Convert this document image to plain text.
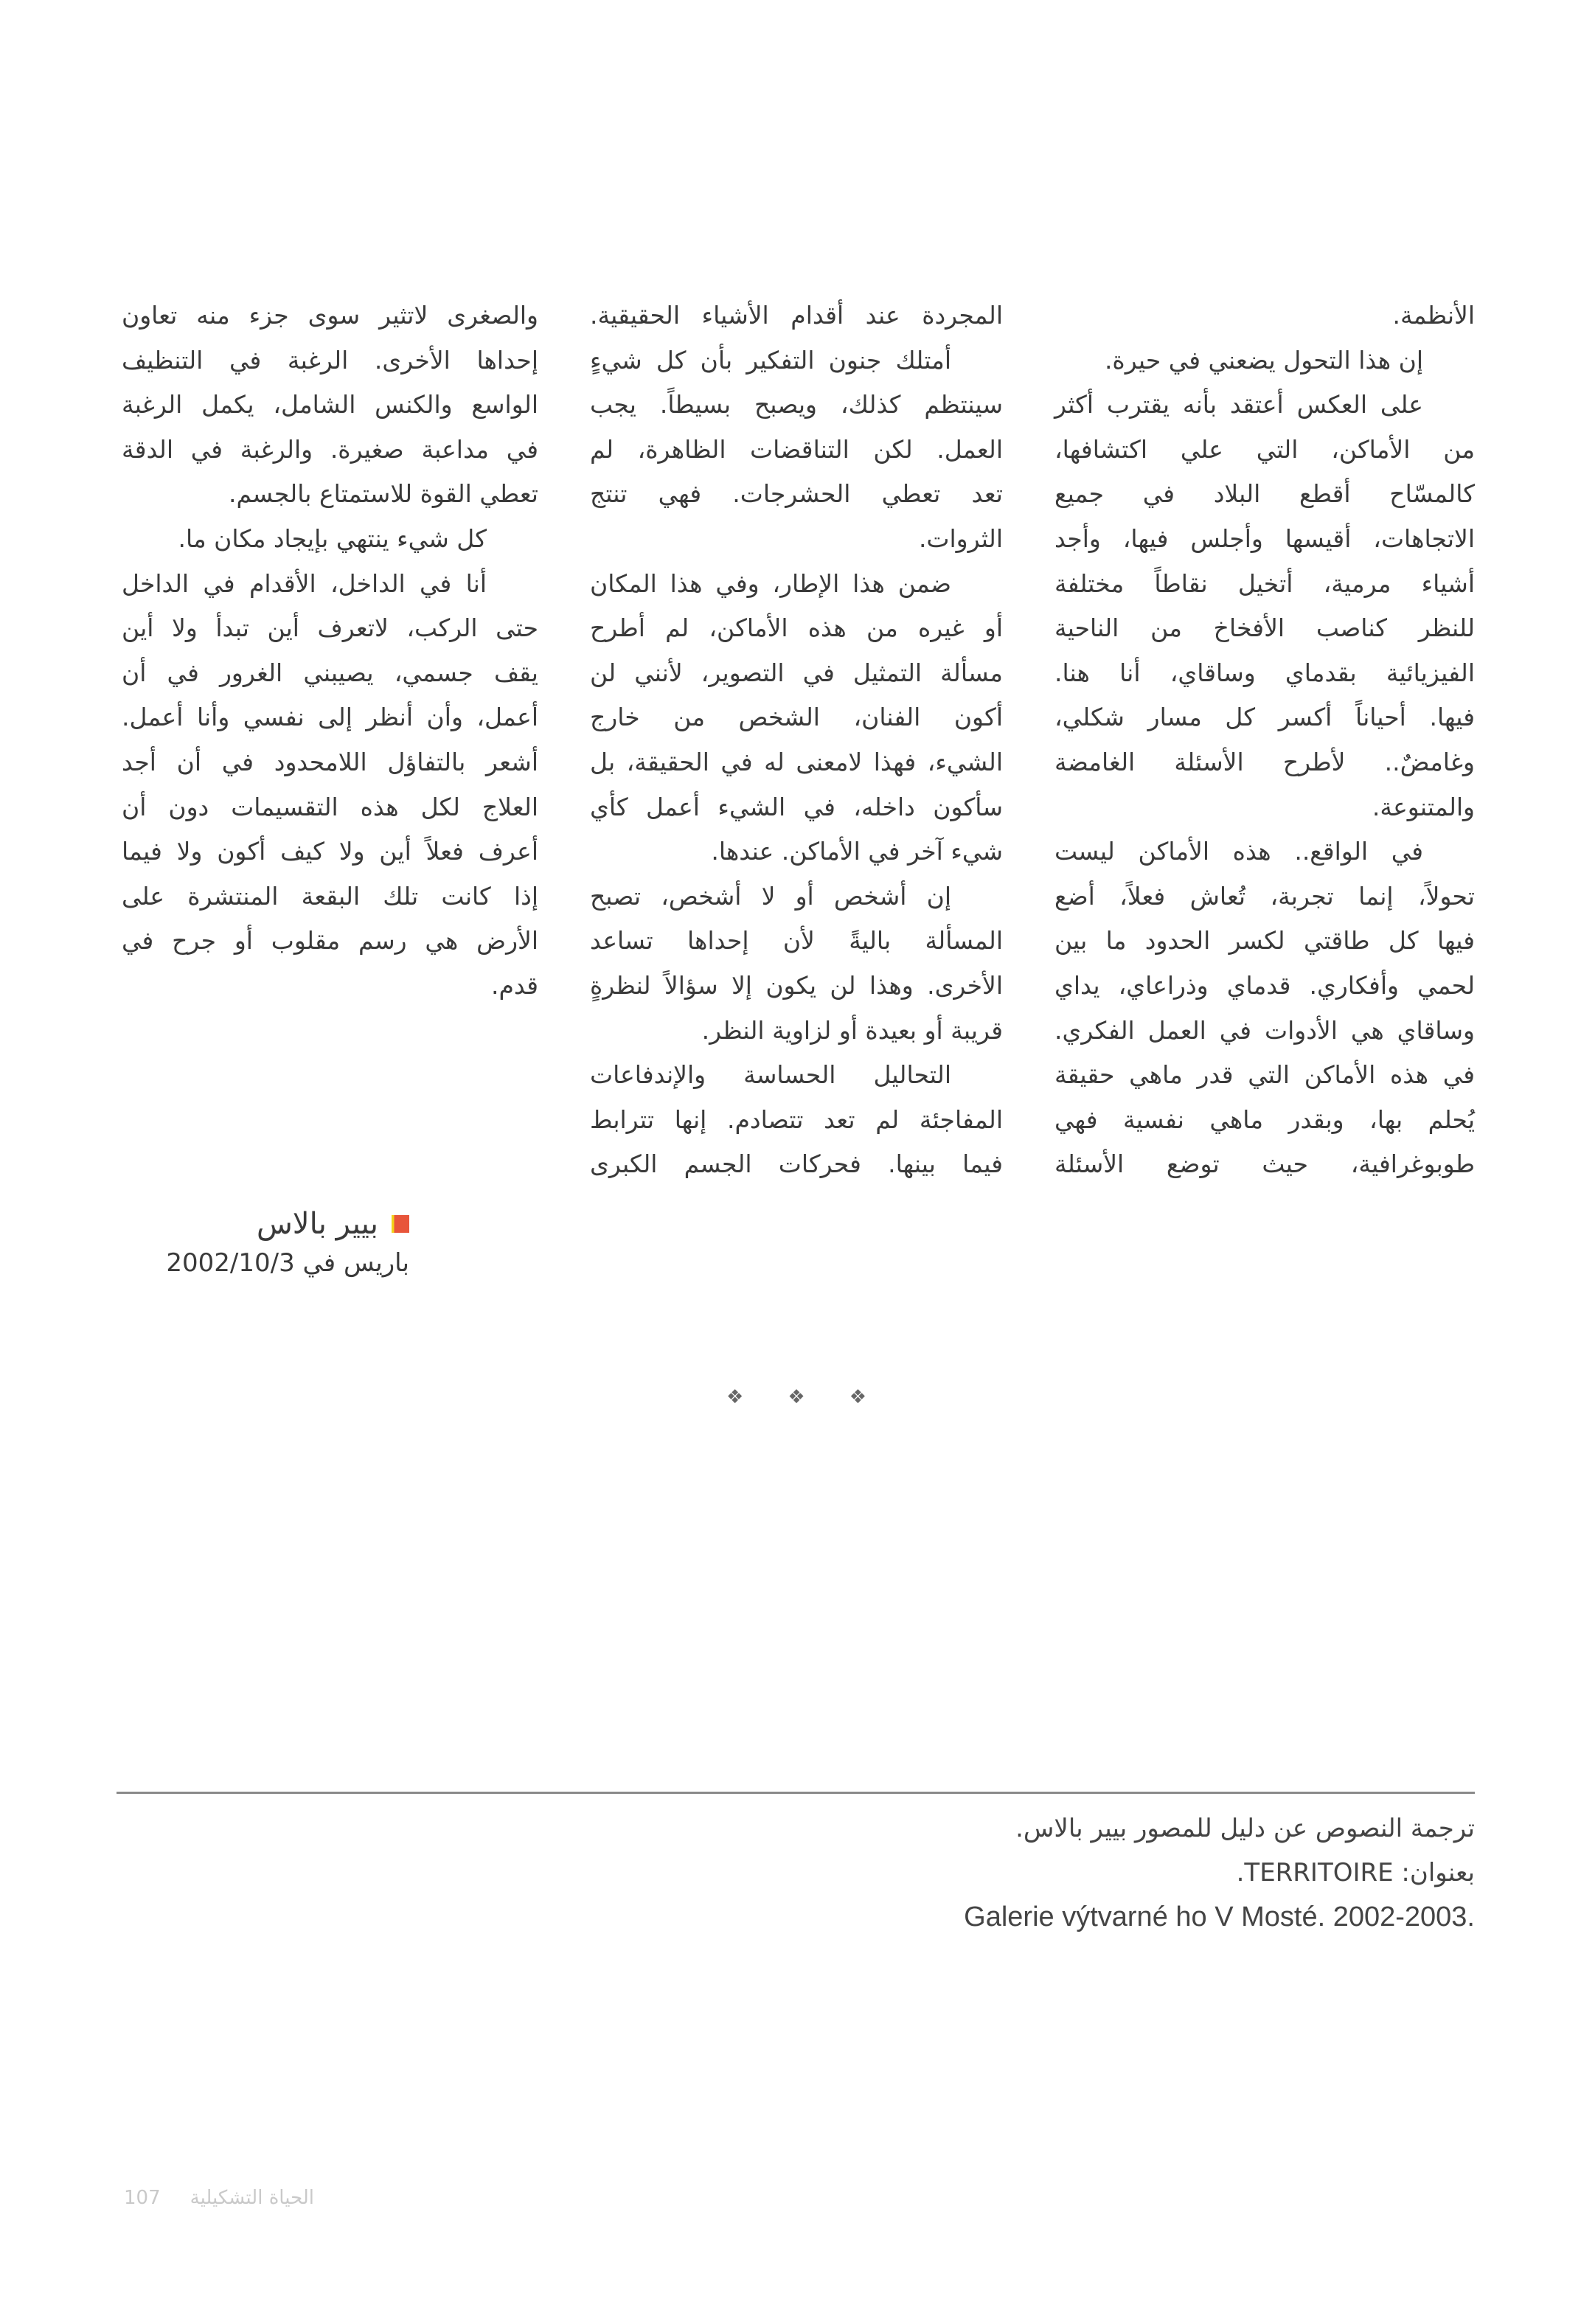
الأنظمة.
إن هذا التحول يضعني في حيرة.
على العكس أعتقد بأنه يقترب أكثر
من الأماكن، التي علي اكتشافها،
كالمسّاح أقطع البلاد في جميع
الاتجاهات، أقيسها وأجلس فيها، وأجد
أشياء مرمية، أتخيل نقاطاً مختلفة
للنظر كناصب الأفخاخ من الناحية
الفيزيائية بقدماي وساقاي، أنا هنا.
فيها. أحياناً أكسر كل مسار شكلي،
وغامضٌ.. لأطرح الأسئلة الغامضة
والمتنوعة.
في الواقع.. هذه الأماكن ليست
تحولاً، إنما تجربة، تُعاش فعلاً، أضع
فيها كل طاقتي لكسر الحدود ما بين
لحمي وأفكاري. قدماي وذراعاي، يداي
وساقاي هي الأدوات في العمل الفكري.
في هذه الأماكن التي قدر ماهي حقيقة
يُحلم بها، وبقدر ماهي نفسية فهي
طوبوغرافية، حيث توضع الأسئلة
المجردة عند أقدام الأشياء الحقيقية.
أمتلك جنون التفكير بأن كل شيءٍ
سينتظم كذلك، ويصبح بسيطاً. يجب
العمل. لكن التناقضات الظاهرة، لم
تعد تعطي الحشرجات. فهي تنتج
الثروات.
ضمن هذا الإطار، وفي هذا المكان
أو غيره من هذه الأماكن، لم أطرح
مسألة التمثيل في التصوير، لأنني لن
أكون الفنان، الشخص من خارج
الشيء، فهذا لامعنى له في الحقيقة، بل
سأكون داخله، في الشيء أعمل كأي
شيء آخر في الأماكن. عندها.
إن أشخص أو لا أشخص، تصبح
المسألة باليةً لأن إحداها تساعد
الأخرى. وهذا لن يكون إلا سؤالاً لنظرةٍ
قريبة أو بعيدة أو لزاوية النظر.
التحاليل الحساسة والإندفاعات
المفاجئة لم تعد تتصادم. إنها تترابط
فيما بينها. فحركات الجسم الكبرى
والصغرى لاتثير سوى جزء منه تعاون
إحداها الأخرى. الرغبة في التنظيف
الواسع والكنس الشامل، يكمل الرغبة
في مداعبة صغيرة. والرغبة في الدقة
تعطي القوة للاستمتاع بالجسم.
كل شيء ينتهي بإيجاد مكان ما.
أنا في الداخل، الأقدام في الداخل
حتى الركب، لاتعرف أين تبدأ ولا أين
يقف جسمي، يصيبني الغرور في أن
أعمل، وأن أنظر إلى نفسي وأنا أعمل.
أشعر بالتفاؤل اللامحدود في أن أجد
العلاج لكل هذه التقسيمات دون أن
أعرف فعلاً أين ولا كيف أكون ولا فيما
إذا كانت تلك البقعة المنتشرة على
الأرض هي رسم مقلوب أو جرح في
قدم.
بيير بالاس
باريس في 2002/10/3
❖ ❖ ❖
ترجمة النصوص عن دليل للمصور بيير بالاس.
بعنوان: TERRITOIRE.
Galerie výtvarné ho V Mosté. 2002-2003.
107 الحياة التشكيلية
